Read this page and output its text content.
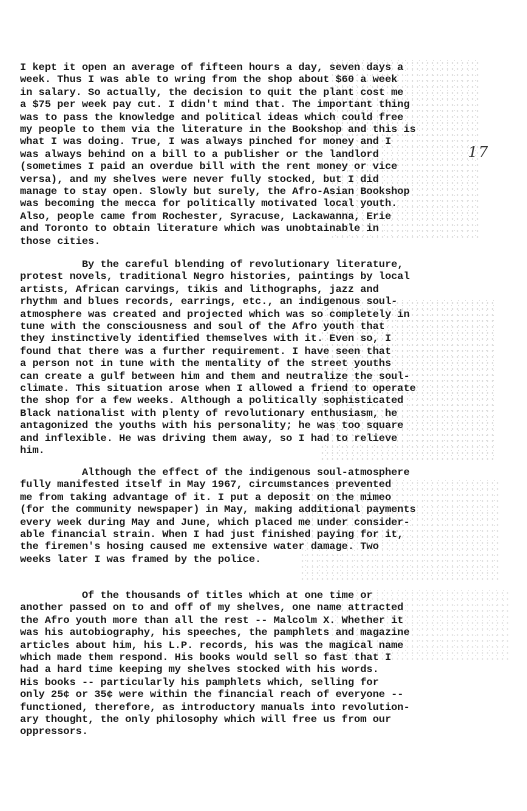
I kept it open an average of fifteen hours a day, seven days a
week. Thus I was able to wring from the shop about $60 a week
in salary. So actually, the decision to quit the plant cost me
a $75 per week pay cut. I didn't mind that. The important thing
was to pass the knowledge and political ideas which could free
my people to them via the literature in the Bookshop and this is
what I was doing. True, I was always pinched for money and I
was always behind on a bill to a publisher or the landlord
(sometimes I paid an overdue bill with the rent money or vice
versa), and my shelves were never fully stocked, but I did
manage to stay open. Slowly but surely, the Afro-Asian Bookshop
was becoming the mecca for politically motivated local youth.
Also, people came from Rochester, Syracuse, Lackawanna, Erie
and Toronto to obtain literature which was unobtainable in
those cities.
By the careful blending of revolutionary literature,
protest novels, traditional Negro histories, paintings by local
artists, African carvings, tikis and lithographs, jazz and
rhythm and blues records, earrings, etc., an indigenous soul-
atmosphere was created and projected which was so completely in
tune with the consciousness and soul of the Afro youth that
they instinctively identified themselves with it. Even so, I
found that there was a further requirement. I have seen that
a person not in tune with the mentality of the street youths
can create a gulf between him and them and neutralize the soul-
climate. This situation arose when I allowed a friend to operate
the shop for a few weeks. Although a politically sophisticated
Black nationalist with plenty of revolutionary enthusiasm, he
antagonized the youths with his personality; he was too square
and inflexible. He was driving them away, so I had to relieve
him.
Although the effect of the indigenous soul-atmosphere
fully manifested itself in May 1967, circumstances prevented
me from taking advantage of it. I put a deposit on the mimeo
(for the community newspaper) in May, making additional payments
every week during May and June, which placed me under consider-
able financial strain. When I had just finished paying for it,
the firemen's hosing caused me extensive water damage. Two
weeks later I was framed by the police.
Of the thousands of titles which at one time or
another passed on to and off of my shelves, one name attracted
the Afro youth more than all the rest -- Malcolm X. Whether it
was his autobiography, his speeches, the pamphlets and magazine
articles about him, his L.P. records, his was the magical name
which made them respond. His books would sell so fast that I
had a hard time keeping my shelves stocked with his words.
His books -- particularly his pamphlets which, selling for
only 25¢ or 35¢ were within the financial reach of everyone --
functioned, therefore, as introductory manuals into revolution-
ary thought, the only philosophy which will free us from our
oppressors.
17
